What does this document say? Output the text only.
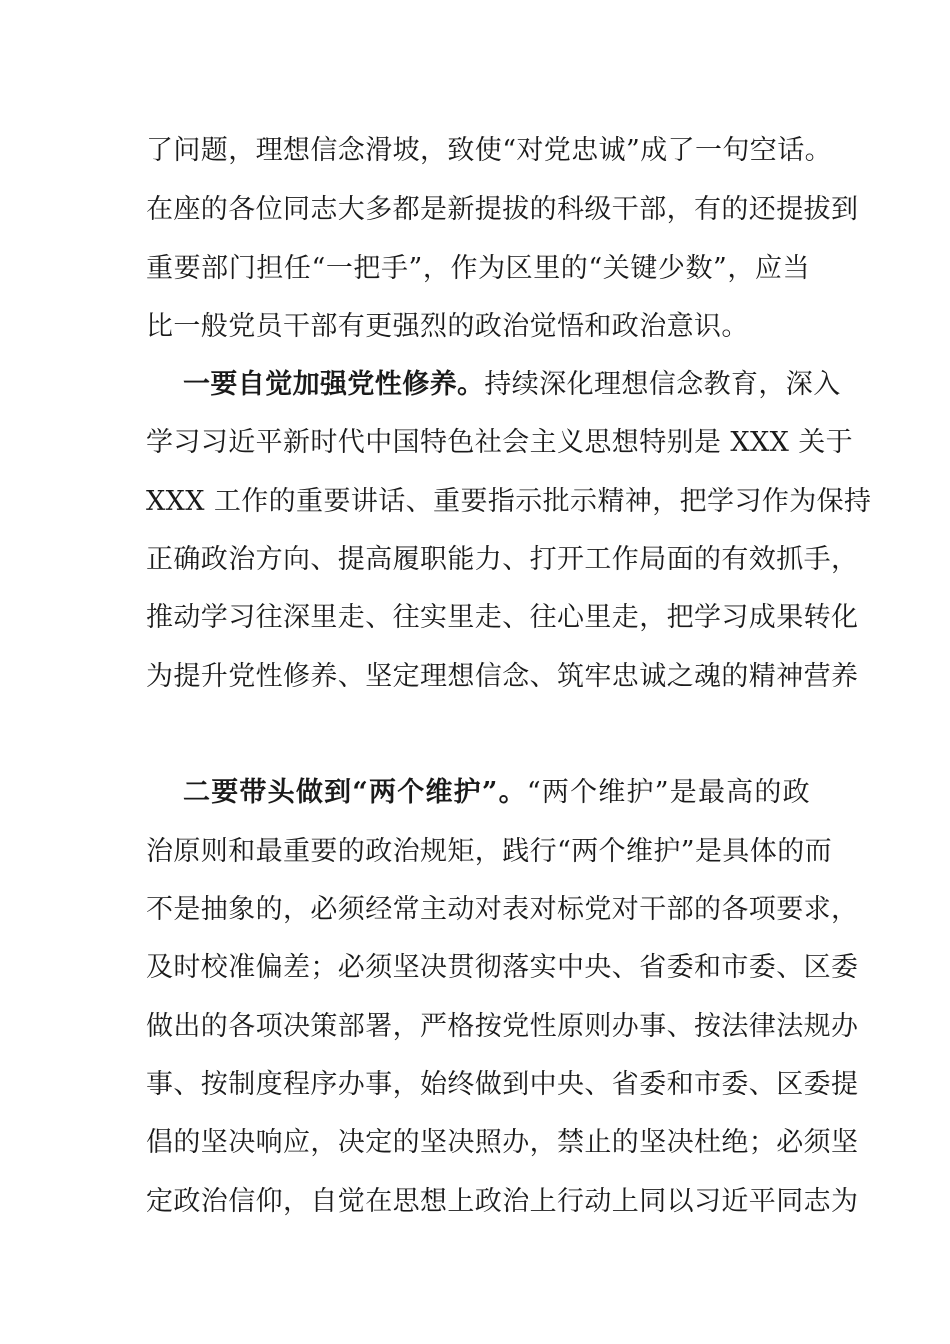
了问题，理想信念滑坡，致使“对党忠诚”成了一句空话。
在座的各位同志大多都是新提拔的科级干部，有的还提拔到
重要部门担任“一把手”，作为区里的“关键少数”，应当
比一般党员干部有更强烈的政治觉悟和政治意识。
一要自觉加强党性修养。持续深化理想信念教育，深入
学习习近平新时代中国特色社会主义思想特别是 XXX 关于
XXX 工作的重要讲话、重要指示批示精神，把学习作为保持
正确政治方向、提高履职能力、打开工作局面的有效抓手，
推动学习往深里走、往实里走、往心里走，把学习成果转化
为提升党性修养、坚定理想信念、筑牢忠诚之魂的精神营养
二要带头做到“两个维护”。“两个维护”是最高的政
治原则和最重要的政治规矩，践行“两个维护”是具体的而
不是抽象的，必须经常主动对表对标党对干部的各项要求，
及时校准偏差；必须坚决贯彻落实中央、省委和市委、区委
做出的各项决策部署，严格按党性原则办事、按法律法规办
事、按制度程序办事，始终做到中央、省委和市委、区委提
倡的坚决响应，决定的坚决照办，禁止的坚决杜绝；必须坚
定政治信仰，自觉在思想上政治上行动上同以习近平同志为
